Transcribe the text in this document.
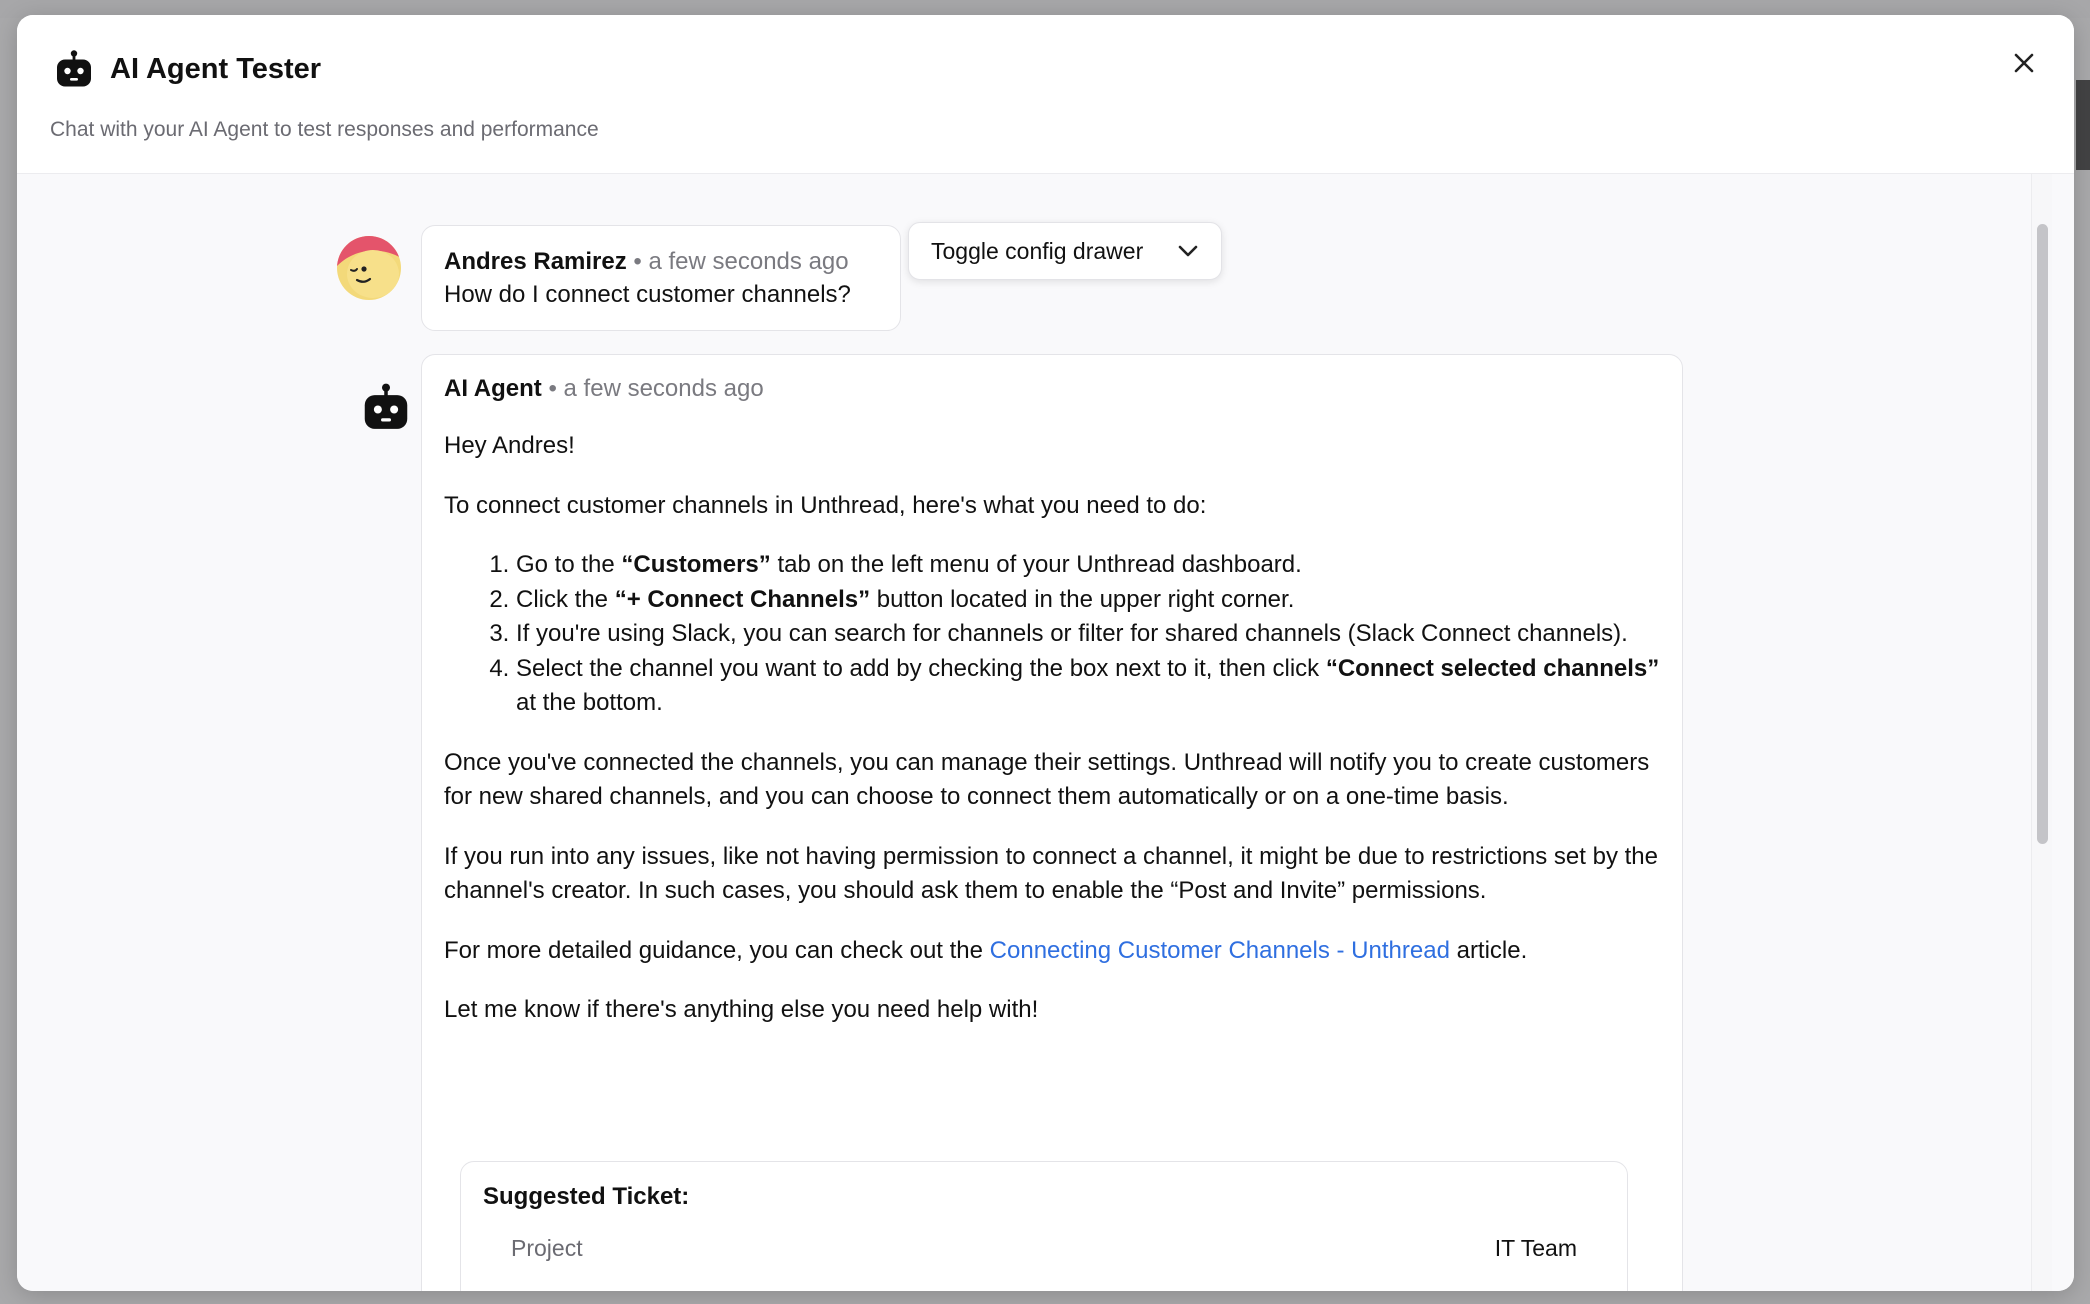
AI Agent Tester
Chat with your AI Agent to test responses and performance
Andres Ramirez • a few seconds ago
How do I connect customer channels?
Toggle config drawer
AI Agent • a few seconds ago

Hey Andres!

To connect customer channels in Unthread, here's what you need to do:

1. Go to the “Customers” tab on the left menu of your Unthread dashboard.
2. Click the “+ Connect Channels” button located in the upper right corner.
3. If you're using Slack, you can search for channels or filter for shared channels (Slack Connect channels).
4. Select the channel you want to add by checking the box next to it, then click “Connect selected channels” at the bottom.

Once you've connected the channels, you can manage their settings. Unthread will notify you to create customers for new shared channels, and you can choose to connect them automatically or on a one-time basis.

If you run into any issues, like not having permission to connect a channel, it might be due to restrictions set by the channel's creator. In such cases, you should ask them to enable the “Post and Invite” permissions.

For more detailed guidance, you can check out the Connecting Customer Channels - Unthread article.

Let me know if there's anything else you need help with!

Suggested Ticket:
Project	IT Team
